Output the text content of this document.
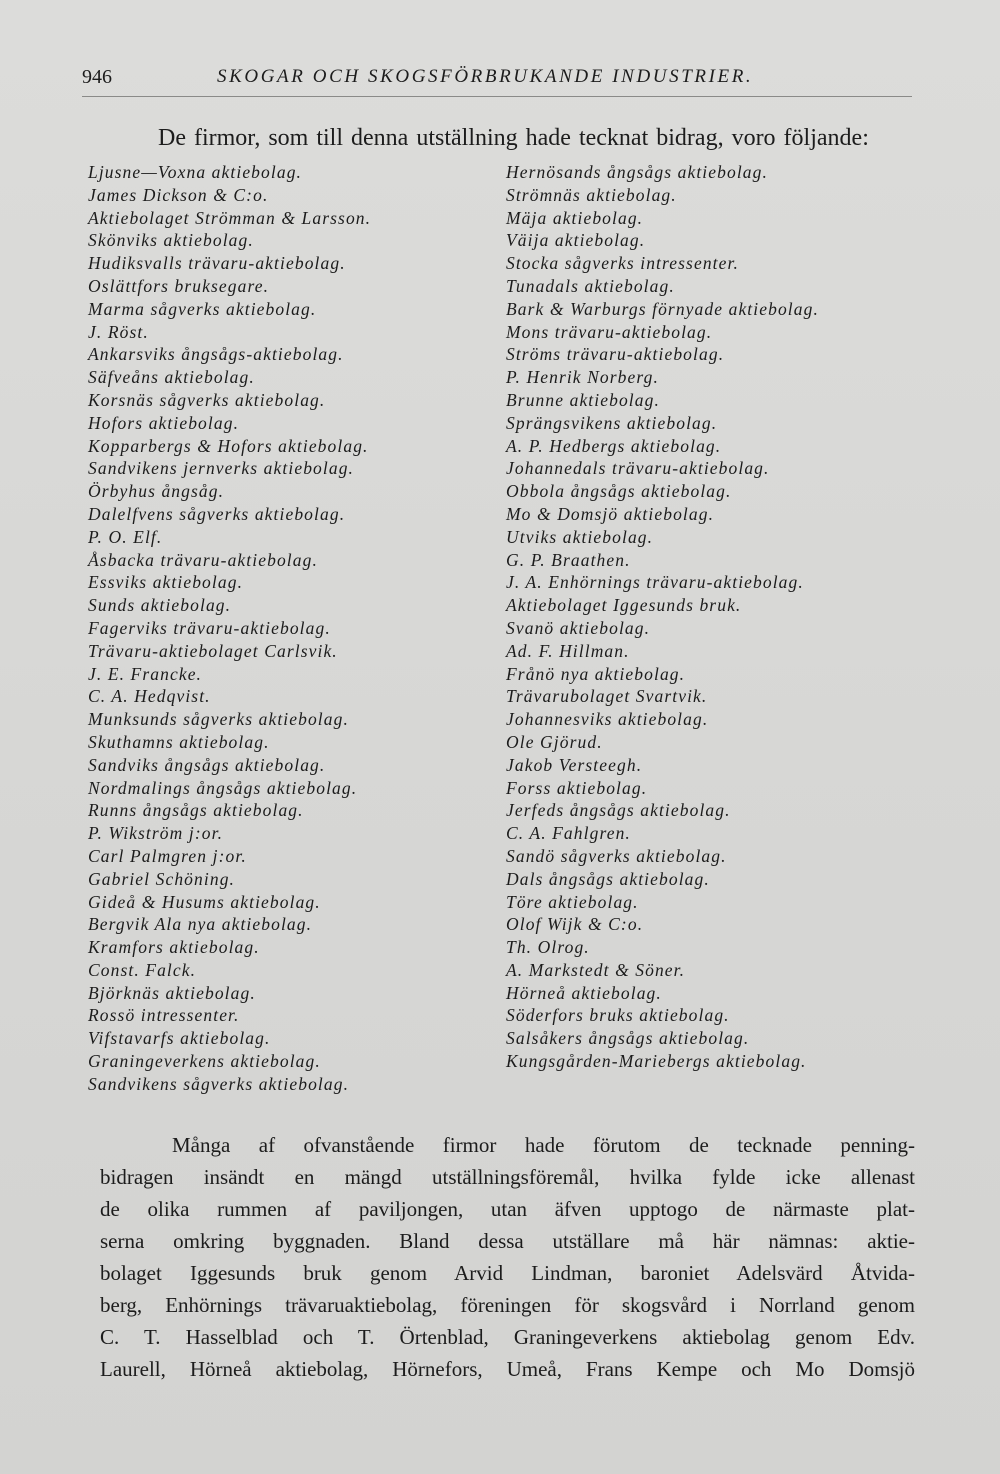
946	SKOGAR OCH SKOGSFÖRBRUKANDE INDUSTRIER.
De firmor, som till denna utställning hade tecknat bidrag, voro följande:
Ljusne—Voxna aktiebolag.
James Dickson & C:o.
Aktiebolaget Strömman & Larsson.
Skönviks aktiebolag.
Hudiksvalls trävaru-aktiebolag.
Oslättfors bruksegare.
Marma sågverks aktiebolag.
J. Röst.
Ankarsviks ångsågs-aktiebolag.
Säfveåns aktiebolag.
Korsnäs sågverks aktiebolag.
Hofors aktiebolag.
Kopparbergs & Hofors aktiebolag.
Sandvikens jernverks aktiebolag.
Örbyhus ångsåg.
Dalelfvens sågverks aktiebolag.
P. O. Elf.
Åsbacka trävaru-aktiebolag.
Essviks aktiebolag.
Sunds aktiebolag.
Fagerviks trävaru-aktiebolag.
Trävaru-aktiebolaget Carlsvik.
J. E. Francke.
C. A. Hedqvist.
Munksunds sågverks aktiebolag.
Skuthamns aktiebolag.
Sandviks ångsågs aktiebolag.
Nordmalings ångsågs aktiebolag.
Runns ångsågs aktiebolag.
P. Wikström j:or.
Carl Palmgren j:or.
Gabriel Schöning.
Gideå & Husums aktiebolag.
Bergvik Ala nya aktiebolag.
Kramfors aktiebolag.
Const. Falck.
Björknäs aktiebolag.
Rossö intressenter.
Vifstavarfs aktiebolag.
Graningeverkens aktiebolag.
Sandvikens sågverks aktiebolag.
Hernösands ångsågs aktiebolag.
Strömnäs aktiebolag.
Mäja aktiebolag.
Väija aktiebolag.
Stocka sågverks intressenter.
Tunadals aktiebolag.
Bark & Warburgs förnyade aktiebolag.
Mons trävaru-aktiebolag.
Ströms trävaru-aktiebolag.
P. Henrik Norberg.
Brunne aktiebolag.
Sprängsvikens aktiebolag.
A. P. Hedbergs aktiebolag.
Johannedals trävaru-aktiebolag.
Obbola ångsågs aktiebolag.
Mo & Domsjö aktiebolag.
Utviks aktiebolag.
G. P. Braathen.
J. A. Enhörnings trävaru-aktiebolag.
Aktiebolaget Iggesunds bruk.
Svanö aktiebolag.
Ad. F. Hillman.
Frånö nya aktiebolag.
Trävarubolaget Svartvik.
Johannesviks aktiebolag.
Ole Gjörud.
Jakob Versteegh.
Forss aktiebolag.
Jerfeds ångsågs aktiebolag.
C. A. Fahlgren.
Sandö sågverks aktiebolag.
Dals ångsågs aktiebolag.
Töre aktiebolag.
Olof Wijk & C:o.
Th. Olrog.
A. Markstedt & Söner.
Hörneå aktiebolag.
Söderfors bruks aktiebolag.
Salsåkers ångsågs aktiebolag.
Kungsgården-Mariebergs aktiebolag.
Många af ofvanstående firmor hade förutom de tecknade penning-
bidragen insändt en mängd utställningsföremål, hvilka fylde icke allenast
de olika rummen af paviljongen, utan äfven upptogo de närmaste plat-
serna omkring byggnaden. Bland dessa utställare må här nämnas: aktie-
bolaget Iggesunds bruk genom Arvid Lindman, baroniet Adelsvärd Åtvida-
berg, Enhörnings trävaruaktiebolag, föreningen för skogsvård i Norrland genom
C. T. Hasselblad och T. Örtenblad, Graningeverkens aktiebolag genom Edv.
Laurell, Hörneå aktiebolag, Hörnefors, Umeå, Frans Kempe och Mo Domsjö
